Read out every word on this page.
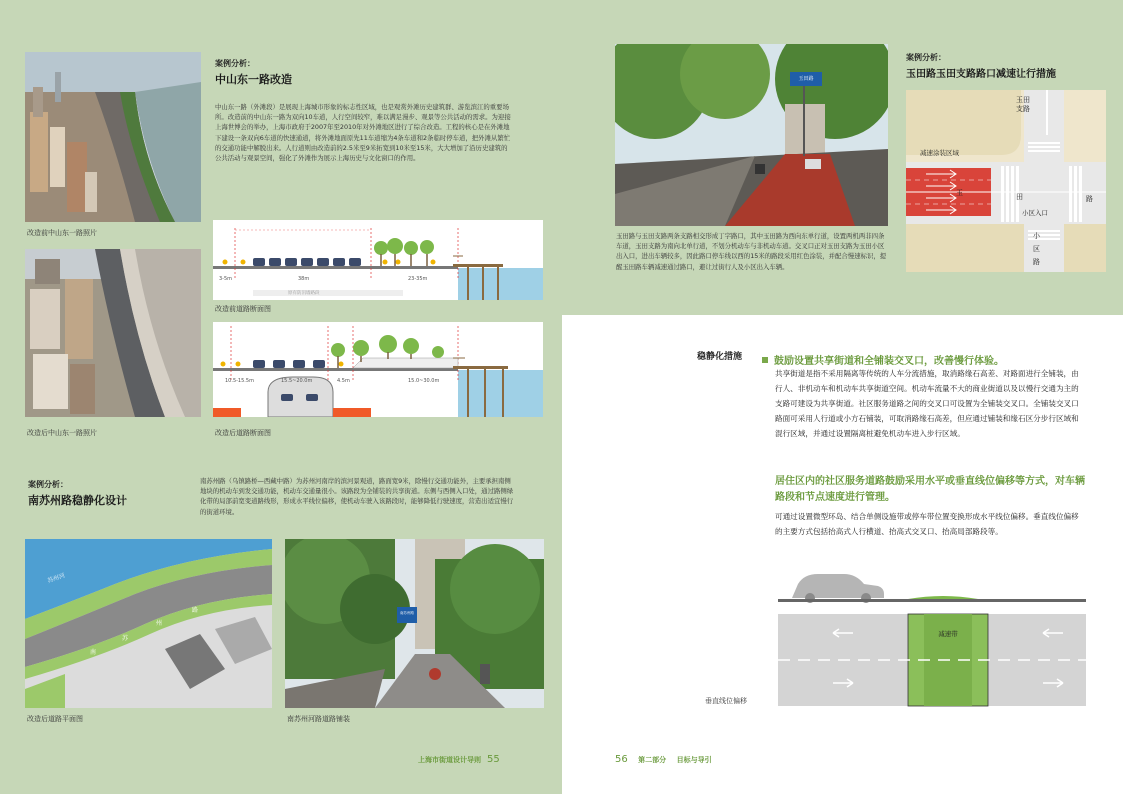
改造前中山东一路照片
改造后中山东一路照片
案例分析：
中山东一路改造
中山东一路（外滩段）是展现上海城市形象的标志性区域，也是观赏外滩历史建筑群、游览滨江的重要场所。改造前的中山东一路为双向10车道，人行空间较窄，难以满足漫步、观景等公共活动的需求。为迎接上海世博会的举办，上海市政府于2007年至2010年对外滩地区进行了综合改造。工程的核心是在外滩地下建设一条双向6车道的快速通道，将外滩地面原先11车道缩为4条车道和2条临时停车道，把外滩从繁忙的交通功能中解脱出来。人行道则由改造前的2.5米至9米拓宽到10米至15米，大大增加了沿历史建筑的公共活动与观景空间，强化了外滩作为展示上海历史与文化窗口的作用。
3-5m	38m	23-35m
原有防汛墙路段
改造前道路断面图
10.5-15.5m	15.5~20.0m	4.5m	15.0~30.0m
改造后道路断面图
案例分析：
南苏州路稳静化设计
南苏州路（乌镇路桥—西藏中路）为苏州河南岸的滨河景观道，路面宽9米，除慢行交通功能外，主要承担南侧地块的机动车到发交通功能，机动车交通量很小。该路段为全铺装的共享街道。东侧与西侧入口处，通过路侧绿化带的局部前宽变道路线形，形成水平线位偏移，使机动车驶入该路段时，能够降低行驶速度，营造出适宜慢行的街道环境。
苏州河
南
苏
州
路
改造后道路平面图
南苏州路
南苏州河路道路铺装
上海市街道设计导则 55
玉田路
案例分析：
玉田路玉田支路路口减速让行措施
玉田路与玉田支路两条支路相交形成丁字路口，其中玉田路为西向东单行道，设置两机两非四条车道，玉田支路为南向北单行道，不划分机动车与非机动车道。交叉口正对玉田支路为玉田小区出入口，进出车辆较多，因此路口停车线以西的15米的路段采用红色涂装，并配合慢速标识，提醒玉田路车辆减速通过路口，避让过街行人及小区出入车辆。
玉田
支路
减速涂装区域
玉	田	路
小区入口
小
区
路
稳静化措施	鼓励设置共享街道和全铺装交叉口，改善慢行体验。
共享街道是指不采用隔离等传统的人车分流措施，取消路缘石高差、对路面进行全铺装，由行人、非机动车和机动车共享街道空间。机动车流量不大的商业街道以及以慢行交通为主的支路可建设为共享街道。社区服务道路之间的交叉口可设置为全铺装交叉口。全铺装交叉口路面可采用人行道或小方石铺装，可取消路缘石高差，但应通过铺装和缘石区分步行区域和混行区域，并通过设置隔离桩避免机动车进入步行区域。
居住区内的社区服务道路鼓励采用水平或垂直线位偏移等方式，对车辆路段和节点速度进行管理。
可通过设置微型环岛、结合单侧设施带或停车带位置变换形成水平线位偏移。垂直线位偏移的主要方式包括抬高式人行横道、抬高式交叉口、抬高局部路段等。
减速带
垂直线位偏移
56 第二部分 目标与导引
